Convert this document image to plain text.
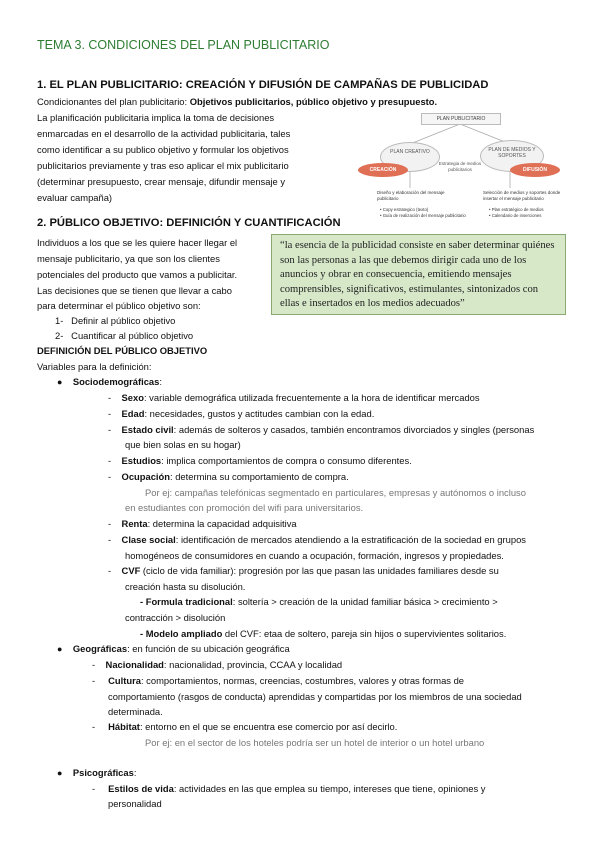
TEMA 3. CONDICIONES DEL PLAN PUBLICITARIO
1. EL PLAN PUBLICITARIO: CREACIÓN Y DIFUSIÓN DE CAMPAÑAS DE PUBLICIDAD
Condicionantes del plan publicitario: Objetivos publicitarios, público objetivo y presupuesto.
La planificación publicitaria implica la toma de decisiones
enmarcadas en el desarrollo de la actividad publicitaria, tales
como identificar a su publico objetivo y formular los objetivos
publicitarios previamente y tras eso aplicar el mix publicitario
(determinar presupuesto, crear mensaje, difundir mensaje y
evaluar campaña)
PLAN PUBLICITARIO
PLAN CREATIVO	PLAN DE MEDIOS Y SOPORTES
CREACIÓN	DIFUSIÓN
Estrategia de medios publicitarios
Diseño y elaboración del mensaje publicitario
Selección de medios y soportes donde insertar el mensaje publicitario
• Copy estrategico (texto)
• Guía de realización del mensaje publicitario
• Plan estratégico de medios
• Calendario de inserciones
2. PÚBLICO OBJETIVO: DEFINICIÓN Y CUANTIFICACIÓN
Individuos a los que se les quiere hacer llegar el
mensaje publicitario, ya que son los clientes
potenciales del producto que vamos a publicitar.
Las decisiones que se tienen que llevar a cabo
para determinar el público objetivo son:
1- Definir al público objetivo
2- Cuantificar al público objetivo
“la esencia de la publicidad consiste en saber determinar quiénes son las personas a las que debemos dirigir cada uno de los anuncios y obrar en consecuencia, emitiendo mensajes comprensibles, significativos, estimulantes, sintonizados con ellas e insertados en los medios adecuados”
DEFINICIÓN DEL PÚBLICO OBJETIVO
Variables para la definición:
● Sociodemográficas:
-    Sexo: variable demográfica utilizada frecuentemente a la hora de identificar mercados
-    Edad: necesidades, gustos y actitudes cambian con la edad.
-    Estado civil: además de solteros y casados, también encontramos divorciados y singles (personas
que bien solas en su hogar)
-    Estudios: implica comportamientos de compra o consumo diferentes.
-    Ocupación: determina su comportamiento de compra.
Por ej: campañas telefónicas segmentado en particulares, empresas y autónomos o incluso
en estudiantes con promoción del wifi para universitarios.
-    Renta: determina la capacidad adquisitiva
-    Clase social: identificación de mercados atendiendo a la estratificación de la sociedad en grupos
homogéneos de consumidores en cuando a ocupación, formación, ingresos y propiedades.
-    CVF (ciclo de vida familiar): progresión por las que pasan las unidades familiares desde su
creación hasta su disolución.
- Formula tradicional: soltería > creación de la unidad familiar básica > crecimiento >
contracción > disolución
- Modelo ampliado del CVF: etaa de soltero, pareja sin hijos o supervivientes solitarios.
● Geográficas: en función de su ubicación geográfica
-    Nacionalidad: nacionalidad, provincia, CCAA y localidad
-     Cultura: comportamientos, normas, creencias, costumbres, valores y otras formas de
comportamiento (rasgos de conducta) aprendidas y compartidas por los miembros de una sociedad
determinada.
-     Hábitat: entorno en el que se encuentra ese comercio por así decirlo.
Por ej: en el sector de los hoteles podría ser un hotel de interior o un hotel urbano
● Psicográficas:
-     Estilos de vida: actividades en las que emplea su tiempo, intereses que tiene, opiniones y
personalidad
